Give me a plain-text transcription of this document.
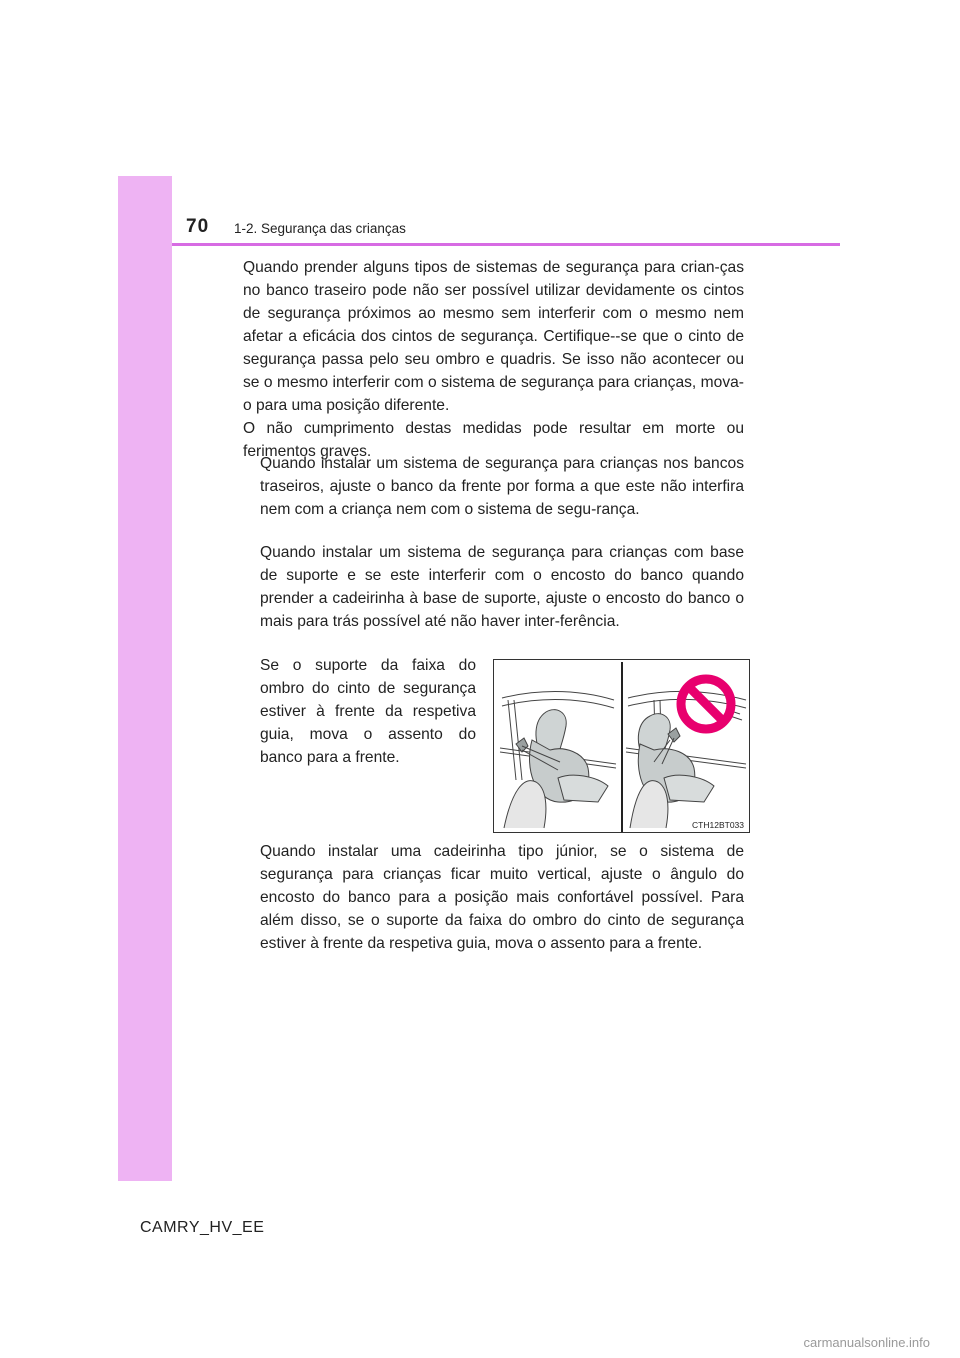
70 1-2. Segurança das crianças

Quando prender alguns tipos de sistemas de segurança para crian-ças no banco traseiro pode não ser possível utilizar devidamente os cintos de segurança próximos ao mesmo sem interferir com o mesmo nem afetar a eficácia dos cintos de segurança. Certifique--se que o cinto de segurança passa pelo seu ombro e quadris. Se isso não acontecer ou se o mesmo interferir com o sistema de segurança para crianças, mova-o para uma posição diferente.
O não cumprimento destas medidas pode resultar em morte ou ferimentos graves.

Quando instalar um sistema de segurança para crianças nos bancos traseiros, ajuste o banco da frente por forma a que este não interfira nem com a criança nem com o sistema de segu-rança.

Quando instalar um sistema de segurança para crianças com base de suporte e se este interferir com o encosto do banco quando prender a cadeirinha à base de suporte, ajuste o encosto do banco o mais para trás possível até não haver inter-ferência.

Se o suporte da faixa do ombro do cinto de segurança estiver à frente da respetiva guia, mova o assento do banco para a frente.

CTH12BT033

Quando instalar uma cadeirinha tipo júnior, se o sistema de segurança para crianças ficar muito vertical, ajuste o ângulo do encosto do banco para a posição mais confortável possível. Para além disso, se o suporte da faixa do ombro do cinto de segurança estiver à frente da respetiva guia, mova o assento para a frente.

CAMRY_HV_EE
carmanualsonline.info
